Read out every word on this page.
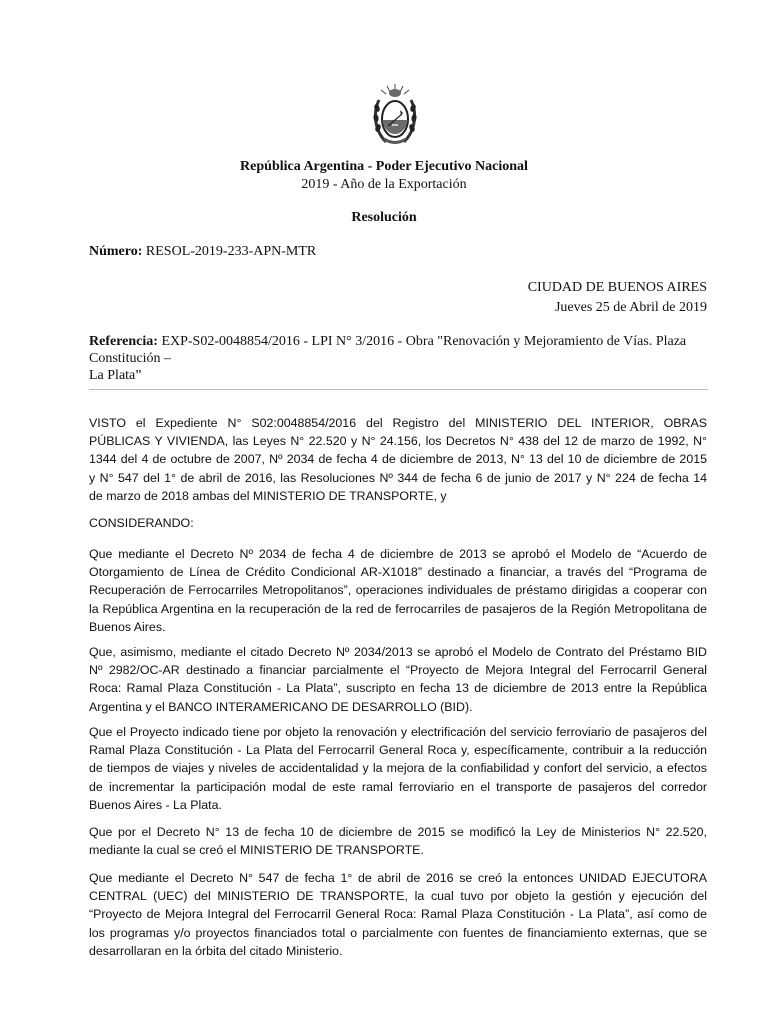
República Argentina - Poder Ejecutivo Nacional
2019 - Año de la Exportación
Resolución
Número: RESOL-2019-233-APN-MTR
CIUDAD DE BUENOS AIRES
Jueves 25 de Abril de 2019
Referencia: EXP-S02-0048854/2016 - LPI N° 3/2016 - Obra "Renovación y Mejoramiento de Vías. Plaza
Constitución –
La Plata”
VISTO el Expediente N° S02:0048854/2016 del Registro del MINISTERIO DEL INTERIOR, OBRAS
PÚBLICAS Y VIVIENDA, las Leyes N° 22.520 y N° 24.156, los Decretos N° 438 del 12 de marzo de 1992, N°
1344 del 4 de octubre de 2007, Nº 2034 de fecha 4 de diciembre de 2013, N° 13 del 10 de diciembre de 2015
y N° 547 del 1° de abril de 2016, las Resoluciones Nº 344 de fecha 6 de junio de 2017 y N° 224 de fecha 14
de marzo de 2018 ambas del MINISTERIO DE TRANSPORTE, y
CONSIDERANDO:
Que mediante el Decreto Nº 2034 de fecha 4 de diciembre de 2013 se aprobó el Modelo de “Acuerdo de
Otorgamiento de Línea de Crédito Condicional AR-X1018” destinado a financiar, a través del “Programa de
Recuperación de Ferrocarriles Metropolitanos”, operaciones individuales de préstamo dirigidas a cooperar con
la República Argentina en la recuperación de la red de ferrocarriles de pasajeros de la Región Metropolitana de
Buenos Aires.
Que, asimismo, mediante el citado Decreto Nº 2034/2013 se aprobó el Modelo de Contrato del Préstamo BID
Nº 2982/OC-AR destinado a financiar parcialmente el “Proyecto de Mejora Integral del Ferrocarril General
Roca: Ramal Plaza Constitución - La Plata”, suscripto en fecha 13 de diciembre de 2013 entre la República
Argentina y el BANCO INTERAMERICANO DE DESARROLLO (BID).
Que el Proyecto indicado tiene por objeto la renovación y electrificación del servicio ferroviario de pasajeros del
Ramal Plaza Constitución - La Plata del Ferrocarril General Roca y, específicamente, contribuir a la reducción
de tiempos de viajes y niveles de accidentalidad y la mejora de la confiabilidad y confort del servicio, a efectos
de incrementar la participación modal de este ramal ferroviario en el transporte de pasajeros del corredor
Buenos Aires - La Plata.
Que por el Decreto N° 13 de fecha 10 de diciembre de 2015 se modificó la Ley de Ministerios N° 22.520,
mediante la cual se creó el MINISTERIO DE TRANSPORTE.
Que mediante el Decreto N° 547 de fecha 1° de abril de 2016 se creó la entonces UNIDAD EJECUTORA
CENTRAL (UEC) del MINISTERIO DE TRANSPORTE, la cual tuvo por objeto la gestión y ejecución del
“Proyecto de Mejora Integral del Ferrocarril General Roca: Ramal Plaza Constitución - La Plata”, así como de
los programas y/o proyectos financiados total o parcialmente con fuentes de financiamiento externas, que se
desarrollaran en la órbita del citado Ministerio.
